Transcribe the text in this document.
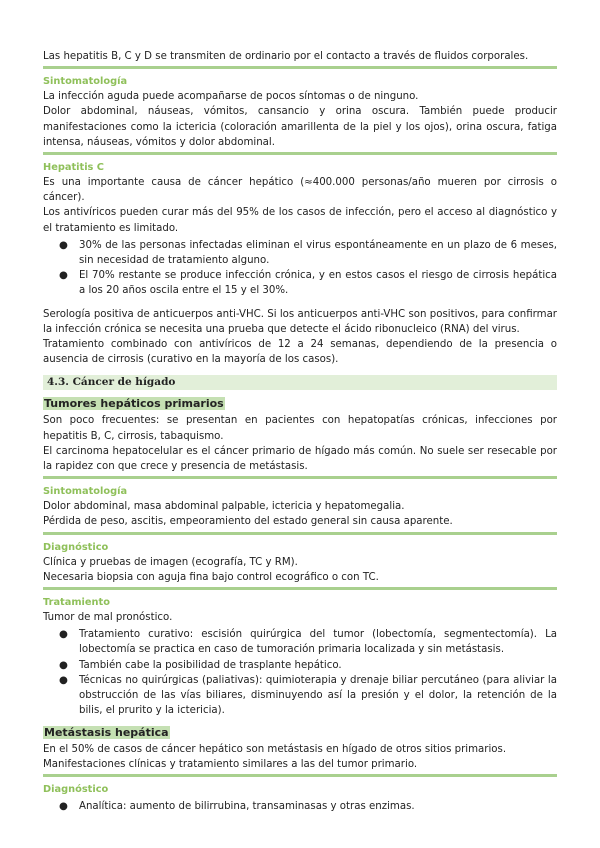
Las hepatitis B, C y D se transmiten de ordinario por el contacto a través de fluidos corporales.

Sintomatología

La infección aguda puede acompañarse de pocos síntomas o de ninguno.

Dolor abdominal, náuseas, vómitos, cansancio y orina oscura. También puede producir manifestaciones como la ictericia (coloración amarillenta de la piel y los ojos), orina oscura, fatiga intensa, náuseas, vómitos y dolor abdominal.

Hepatitis C

Es una importante causa de cáncer hepático (≈400.000 personas/año mueren por cirrosis o cáncer).

Los antivíricos pueden curar más del 95% de los casos de infección, pero el acceso al diagnóstico y el tratamiento es limitado.

● 30% de las personas infectadas eliminan el virus espontáneamente en un plazo de 6 meses, sin necesidad de tratamiento alguno.
● El 70% restante se produce infección crónica, y en estos casos el riesgo de cirrosis hepática a los 20 años oscila entre el 15 y el 30%.

Serología positiva de anticuerpos anti-VHC. Si los anticuerpos anti-VHC son positivos, para confirmar la infección crónica se necesita una prueba que detecte el ácido ribonucleico (RNA) del virus.

Tratamiento combinado con antivíricos de 12 a 24 semanas, dependiendo de la presencia o ausencia de cirrosis (curativo en la mayoría de los casos).

4.3. Cáncer de hígado
Tumores hepáticos primarios

Son poco frecuentes: se presentan en pacientes con hepatopatías crónicas, infecciones por hepatitis B, C, cirrosis, tabaquismo.

El carcinoma hepatocelular es el cáncer primario de hígado más común. No suele ser resecable por la rapidez con que crece y presencia de metástasis.

Sintomatología

Dolor abdominal, masa abdominal palpable, ictericia y hepatomegalia.

Pérdida de peso, ascitis, empeoramiento del estado general sin causa aparente.

Diagnóstico

Clínica y pruebas de imagen (ecografía, TC y RM).

Necesaria biopsia con aguja fina bajo control ecográfico o con TC.

Tratamiento

Tumor de mal pronóstico.

● Tratamiento curativo: escisión quirúrgica del tumor (lobectomía, segmentectomía). La lobectomía se practica en caso de tumoración primaria localizada y sin metástasis.
● También cabe la posibilidad de trasplante hepático.
● Técnicas no quirúrgicas (paliativas): quimioterapia y drenaje biliar percutáneo (para aliviar la obstrucción de las vías biliares, disminuyendo así la presión y el dolor, la retención de la bilis, el prurito y la ictericia).
Metástasis hepática

En el 50% de casos de cáncer hepático son metástasis en hígado de otros sitios primarios.

Manifestaciones clínicas y tratamiento similares a las del tumor primario.

Diagnóstico
● Analítica: aumento de bilirrubina, transaminasas y otras enzimas.
